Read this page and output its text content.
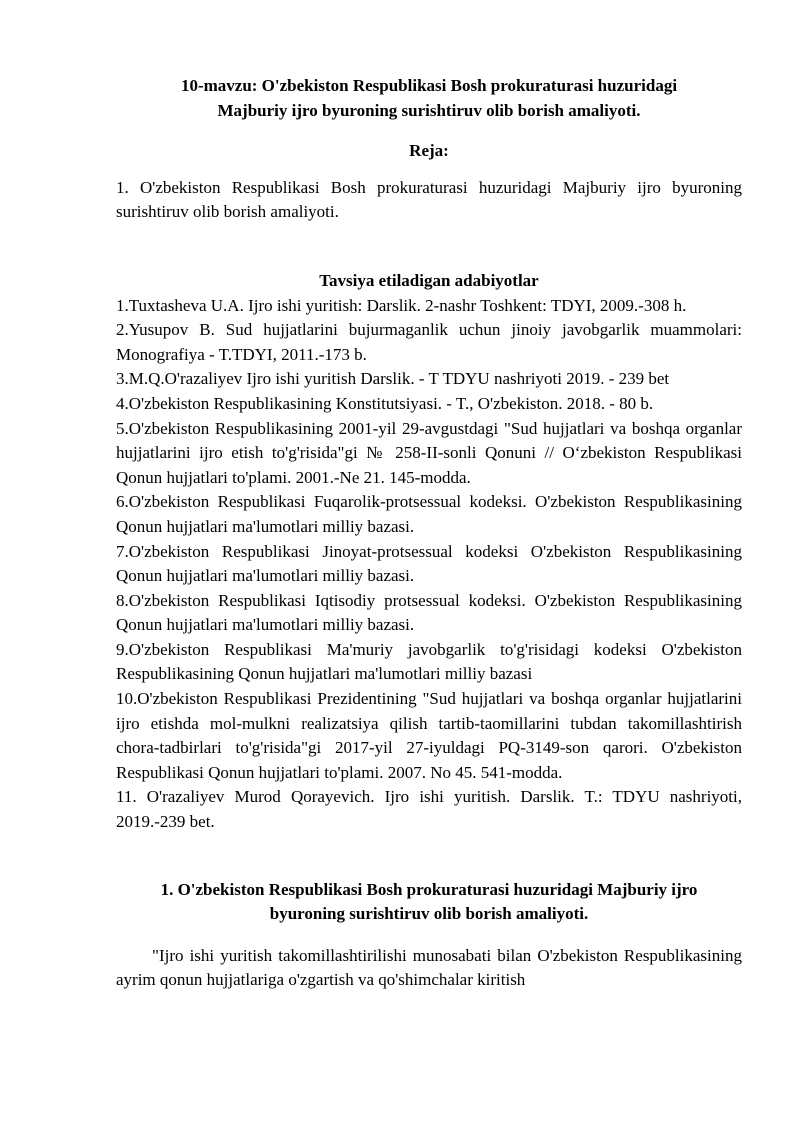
10-mavzu: O'zbekiston Respublikasi Bosh prokuraturasi huzuridagi
Majburiy ijro byuroning surishtiruv olib borish amaliyoti.

Reja:

1. O'zbekiston Respublikasi Bosh prokuraturasi huzuridagi Majburiy ijro byuroning surishtiruv olib borish amaliyoti.

Tavsiya etiladigan adabiyotlar

1.Tuxtasheva U.A. Ijro ishi yuritish: Darslik. 2-nashr Toshkent: TDYI, 2009.-308 h.

2.Yusupov B. Sud hujjatlarini bujurmaganlik uchun jinoiy javobgarlik muammolari: Monografiya - T.TDYI, 2011.-173 b.

3.M.Q.O'razaliyev Ijro ishi yuritish Darslik. - T TDYU nashriyoti 2019. - 239 bet

4.O'zbekiston Respublikasining Konstitutsiyasi. - T., O'zbekiston. 2018. - 80 b.

5.O'zbekiston Respublikasining 2001-yil 29-avgustdagi "Sud hujjatlari va boshqa organlar hujjatlarini ijro etish to'g'risida"gi № 258-II-sonli Qonuni // O‘zbekiston Respublikasi Qonun hujjatlari to'plami. 2001.-Ne 21. 145-modda.

6.O'zbekiston Respublikasi Fuqarolik-protsessual kodeksi. O'zbekiston Respublikasining Qonun hujjatlari ma'lumotlari milliy bazasi.

7.O'zbekiston Respublikasi Jinoyat-protsessual kodeksi O'zbekiston Respublikasining Qonun hujjatlari ma'lumotlari milliy bazasi.

8.O'zbekiston Respublikasi Iqtisodiy protsessual kodeksi. O'zbekiston Respublikasining Qonun hujjatlari ma'lumotlari milliy bazasi.

9.O'zbekiston Respublikasi Ma'muriy javobgarlik to'g'risidagi kodeksi O'zbekiston Respublikasining Qonun hujjatlari ma'lumotlari milliy bazasi

10.O'zbekiston Respublikasi Prezidentining "Sud hujjatlari va boshqa organlar hujjatlarini ijro etishda mol-mulkni realizatsiya qilish tartib-taomillarini tubdan takomillashtirish chora-tadbirlari to'g'risida"gi 2017-yil 27-iyuldagi PQ-3149-son qarori. O'zbekiston Respublikasi Qonun hujjatlari to'plami. 2007. No 45. 541-modda.

11. O'razaliyev Murod Qorayevich. Ijro ishi yuritish. Darslik. T.: TDYU nashriyoti, 2019.-239 bet.

1. O'zbekiston Respublikasi Bosh prokuraturasi huzuridagi Majburiy ijro
byuroning surishtiruv olib borish amaliyoti.

"Ijro ishi yuritish takomillashtirilishi munosabati bilan O'zbekiston Respublikasining ayrim qonun hujjatlariga o'zgartish va qo'shimchalar kiritish
